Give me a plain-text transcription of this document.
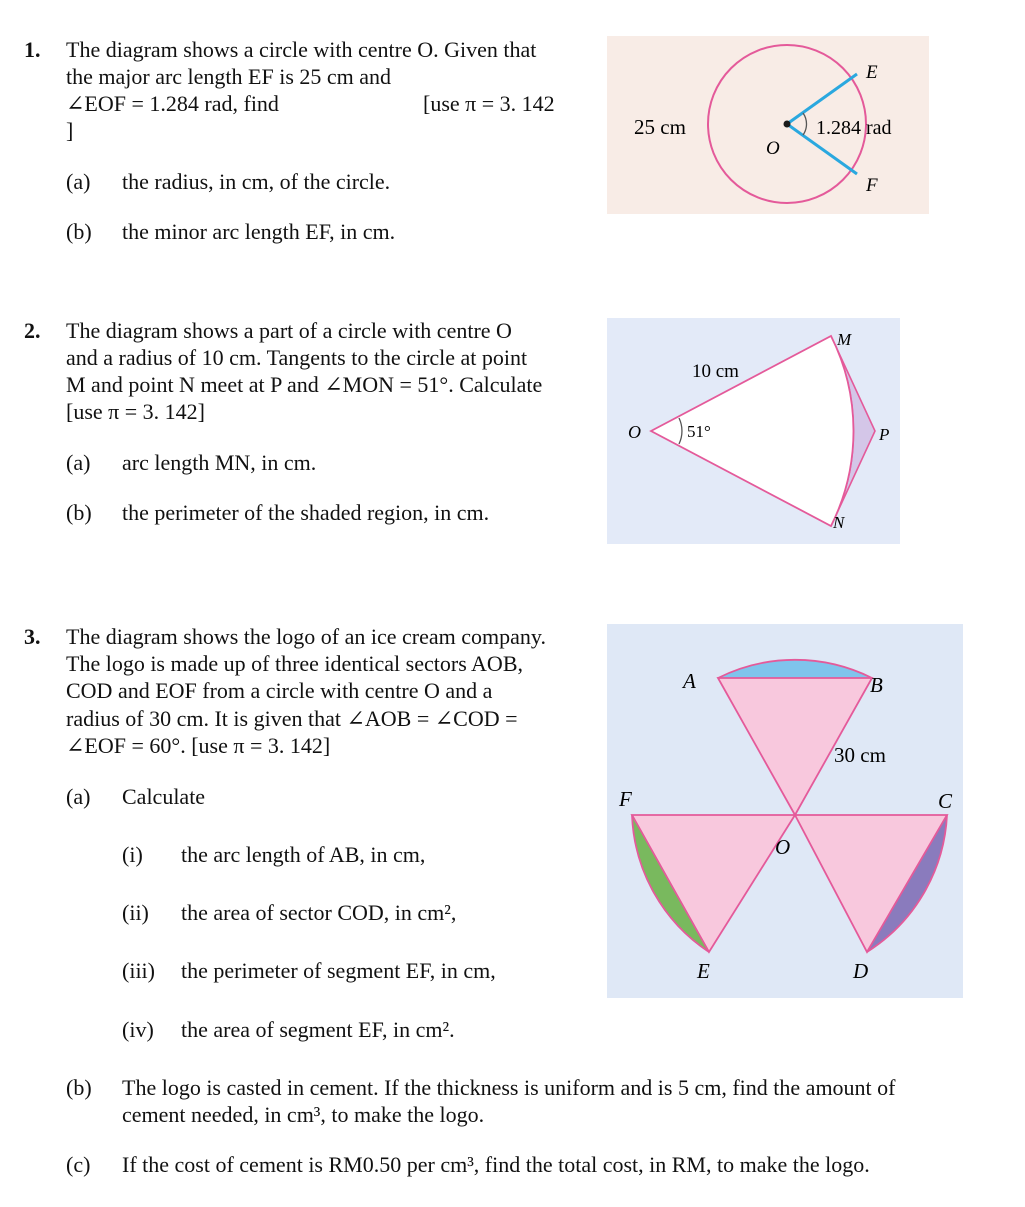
1. The diagram shows a circle with centre O. Given that
the major arc length EF is 25 cm and
∠EOF = 1.284 rad, find	[use π = 3. 142
]
(a) the radius, in cm, of the circle.
(b) the minor arc length EF, in cm.
25 cm
O
1.284 rad
E
F
2. The diagram shows a part of a circle with centre O
and a radius of 10 cm. Tangents to the circle at point
M and point N meet at P and ∠MON = 51°. Calculate
[use π = 3. 142]
(a) arc length MN, in cm.
(b) the perimeter of the shaded region, in cm.
10 cm
51°
O
M
P
N
3. The diagram shows the logo of an ice cream company.
The logo is made up of three identical sectors AOB,
COD and EOF from a circle with centre O and a
radius of 30 cm. It is given that ∠AOB = ∠COD =
∠EOF = 60°. [use π = 3. 142]
(a) Calculate
(i) the arc length of AB, in cm,
(ii) the area of sector COD, in cm²,
(iii) the perimeter of segment EF, in cm,
(iv) the area of segment EF, in cm².
(b) The logo is casted in cement. If the thickness is uniform and is 5 cm, find the amount of
cement needed, in cm³, to make the logo.
(c) If the cost of cement is RM0.50 per cm³, find the total cost, in RM, to make the logo.
A	B
30 cm
F	C
O
E	D
